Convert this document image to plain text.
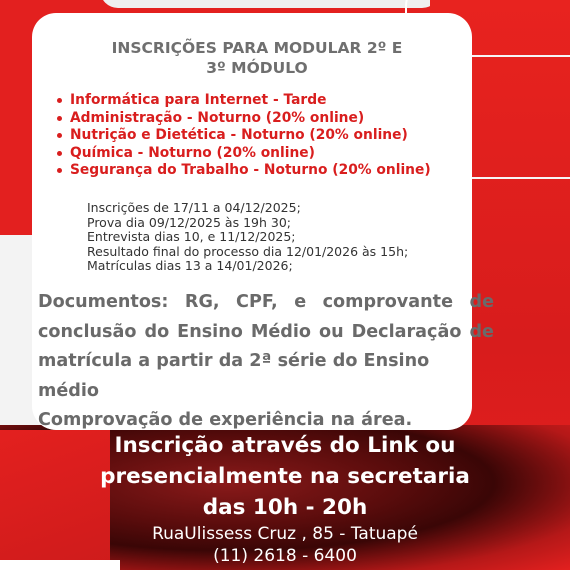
INSCRIÇÕES PARA MODULAR 2º E
3º MÓDULO
Informática para Internet - Tarde
Administração - Noturno (20% online)
Nutrição e Dietética - Noturno (20% online)
Química - Noturno (20% online)
Segurança do Trabalho - Noturno (20% online)
Inscrições de 17/11 a 04/12/2025;
Prova dia 09/12/2025 às 19h 30;
Entrevista dias 10, e 11/12/2025;
Resultado final do processo dia 12/01/2026 às 15h;
Matrículas dias 13 a 14/01/2026;
Documentos: RG, CPF, e comprovante de
conclusão do Ensino Médio ou Declaração de
matrícula a partir da 2ª série do Ensino médio
Comprovação de experiência na área.
Inscrição através do Link ou
presencialmente na secretaria
das 10h - 20h
RuaUlissess Cruz , 85 - Tatuapé
(11) 2618 - 6400
